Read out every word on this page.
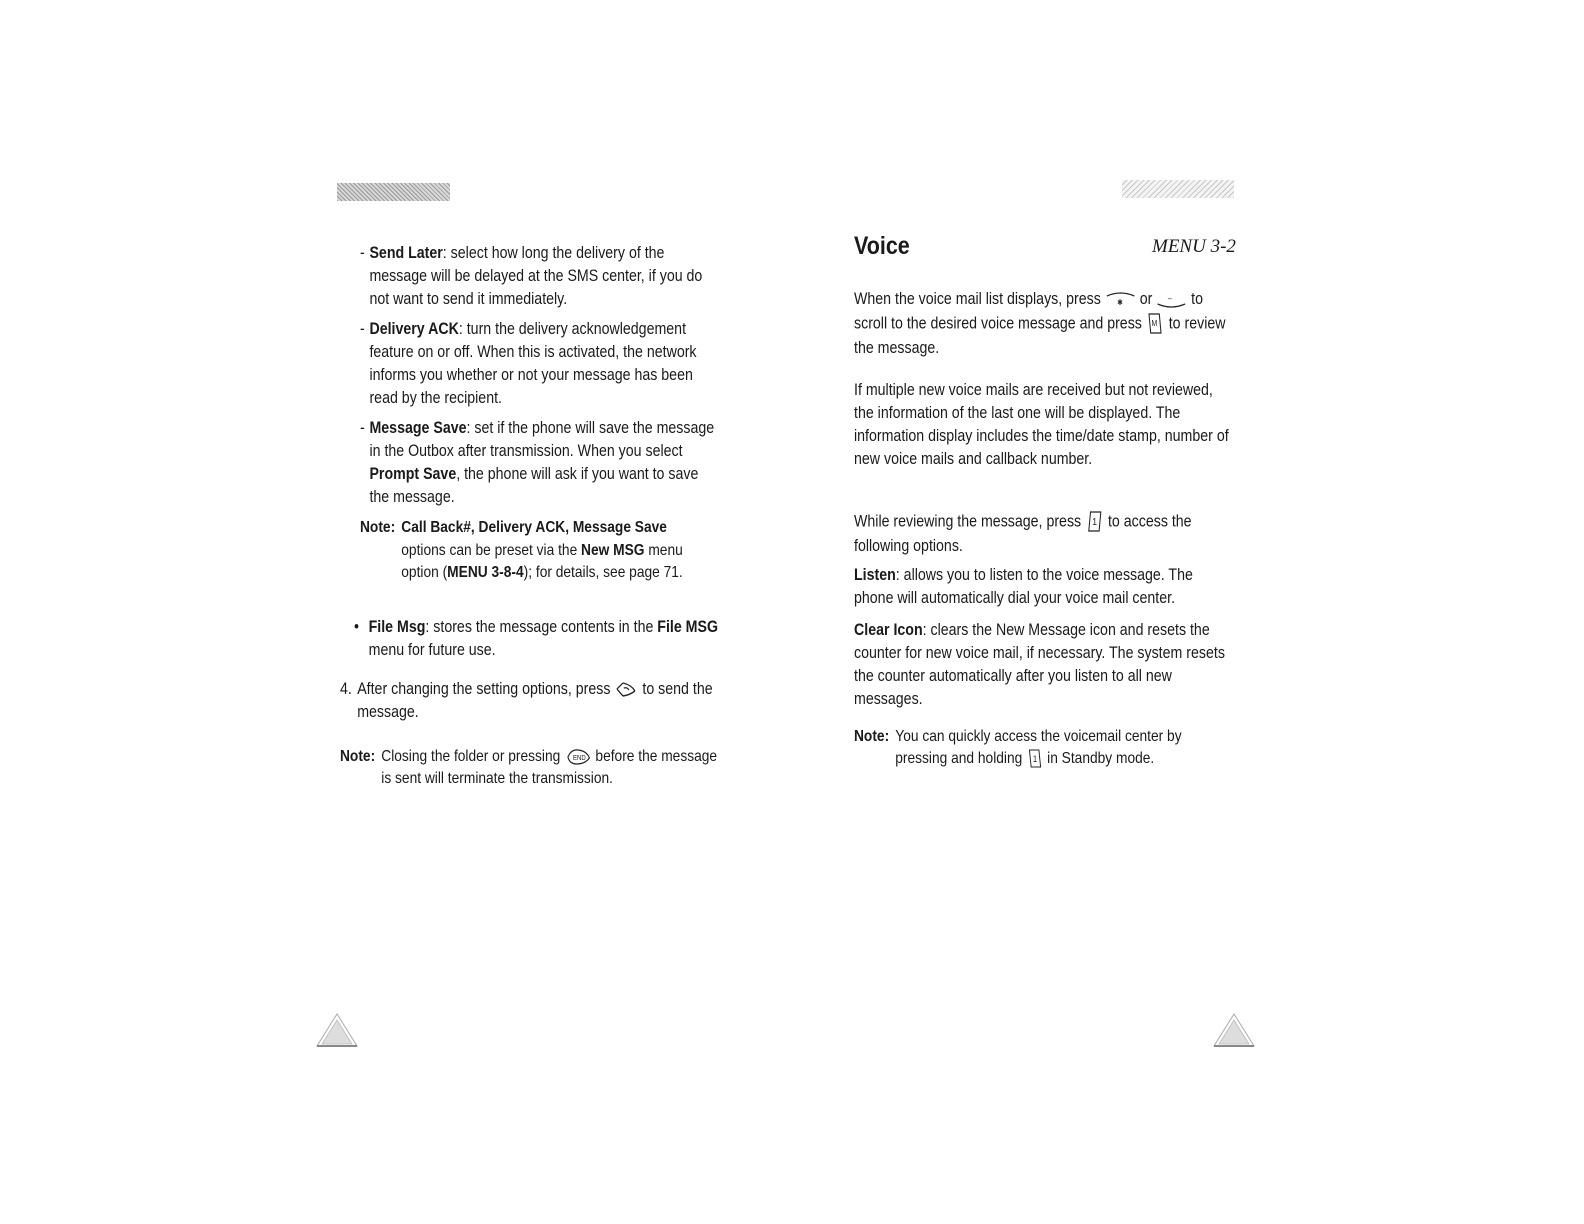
- Send Later: select how long the delivery of the message will be delayed at the SMS center, if you do not want to send it immediately.
- Delivery ACK: turn the delivery acknowledgement feature on or off. When this is activated, the network informs you whether or not your message has been read by the recipient.
- Message Save: set if the phone will save the message in the Outbox after transmission. When you select Prompt Save, the phone will ask if you want to save the message.
Note: Call Back#, Delivery ACK, Message Save
options can be preset via the New MSG menu option (MENU 3-8-4); for details, see page 71.
• File Msg: stores the message contents in the File MSG menu for future use.
4. After changing the setting options, press to send the message.
Note: Closing the folder or pressing END before the message is sent will terminate the transmission.
Voice	MENU 3-2
When the voice mail list displays, press ✱ or – to scroll to the desired voice message and press M to review the message.
If multiple new voice mails are received but not reviewed, the information of the last one will be displayed. The information display includes the time/date stamp, number of new voice mails and callback number.
While reviewing the message, press 1 to access the following options.
Listen: allows you to listen to the voice message. The phone will automatically dial your voice mail center.
Clear Icon: clears the New Message icon and resets the counter for new voice mail, if necessary. The system resets the counter automatically after you listen to all new messages.
Note: You can quickly access the voicemail center by pressing and holding 1 in Standby mode.
